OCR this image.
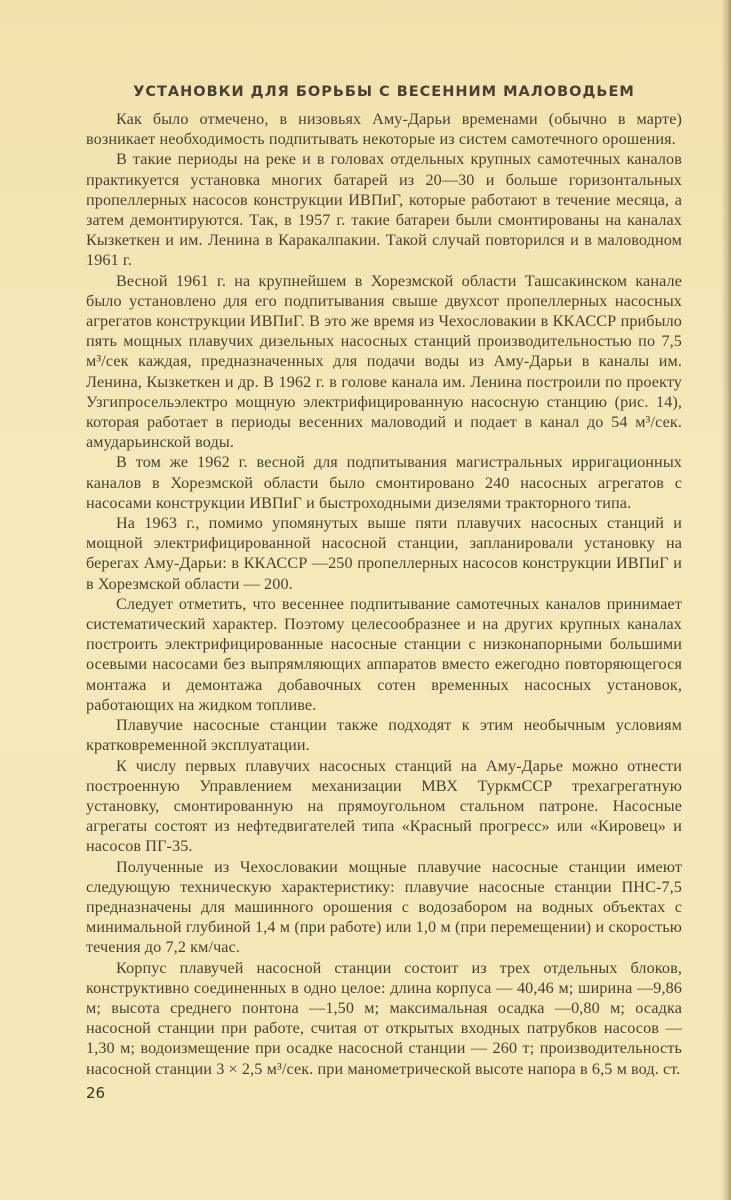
УСТАНОВКИ ДЛЯ БОРЬБЫ С ВЕСЕННИМ МАЛОВОДЬЕМ

Как было отмечено, в низовьях Аму-Дарьи временами (обычно в марте) возникает необходимость подпитывать некоторые из систем самотечного орошения.

В такие периоды на реке и в головах отдельных крупных самотечных каналов практикуется установка многих батарей из 20—30 и больше горизонтальных пропеллерных насосов конструкции ИВПиГ, которые работают в течение месяца, а затем демонтируются. Так, в 1957 г. такие батареи были смонтированы на каналах Кызкеткен и им. Ленина в Каракалпакии. Такой случай повторился и в маловодном 1961 г.

Весной 1961 г. на крупнейшем в Хорезмской области Ташсакинском канале было установлено для его подпитывания свыше двухсот пропеллерных насосных агрегатов конструкции ИВПиГ. В это же время из Чехословакии в ККАССР прибыло пять мощных плавучих дизельных насосных станций производительностью по 7,5 м³/сек каждая, предназначенных для подачи воды из Аму-Дарьи в каналы им. Ленина, Кызкеткен и др. В 1962 г. в голове канала им. Ленина построили по проекту Узгипросельэлектро мощную электрифицированную насосную станцию (рис. 14), которая работает в периоды весенних маловодий и подает в канал до 54 м³/сек. амударьинской воды.

В том же 1962 г. весной для подпитывания магистральных ирригационных каналов в Хорезмской области было смонтировано 240 насосных агрегатов с насосами конструкции ИВПиГ и быстроходными дизелями тракторного типа.

На 1963 г., помимо упомянутых выше пяти плавучих насосных станций и мощной электрифицированной насосной станции, запланировали установку на берегах Аму-Дарьи: в ККАССР —250 пропеллерных насосов конструкции ИВПиГ и в Хорезмской области — 200.

Следует отметить, что весеннее подпитывание самотечных каналов принимает систематический характер. Поэтому целесообразнее и на других крупных каналах построить электрифицированные насосные станции с низконапорными большими осевыми насосами без выпрямляющих аппаратов вместо ежегодно повторяющегося монтажа и демонтажа добавочных сотен временных насосных установок, работающих на жидком топливе.

Плавучие насосные станции также подходят к этим необычным условиям кратковременной эксплуатации.

К числу первых плавучих насосных станций на Аму-Дарье можно отнести построенную Управлением механизации МВХ ТуркмССР трехагрегатную установку, смонтированную на прямоугольном стальном патроне. Насосные агрегаты состоят из нефтедвигателей типа «Красный прогресс» или «Кировец» и насосов ПГ-35.

Полученные из Чехословакии мощные плавучие насосные станции имеют следующую техническую характеристику: плавучие насосные станции ПНС-7,5 предназначены для машинного орошения с водозабором на водных объектах с минимальной глубиной 1,4 м (при работе) или 1,0 м (при перемещении) и скоростью течения до 7,2 км/час.

Корпус плавучей насосной станции состоит из трех отдельных блоков, конструктивно соединенных в одно целое: длина корпуса — 40,46 м; ширина —9,86 м; высота среднего понтона —1,50 м; максимальная осадка —0,80 м; осадка насосной станции при работе, считая от открытых входных патрубков насосов —1,30 м; водоизмещение при осадке насосной станции — 260 т; производительность насосной станции 3 × 2,5 м³/сек. при манометрической высоте напора в 6,5 м вод. ст.

26
